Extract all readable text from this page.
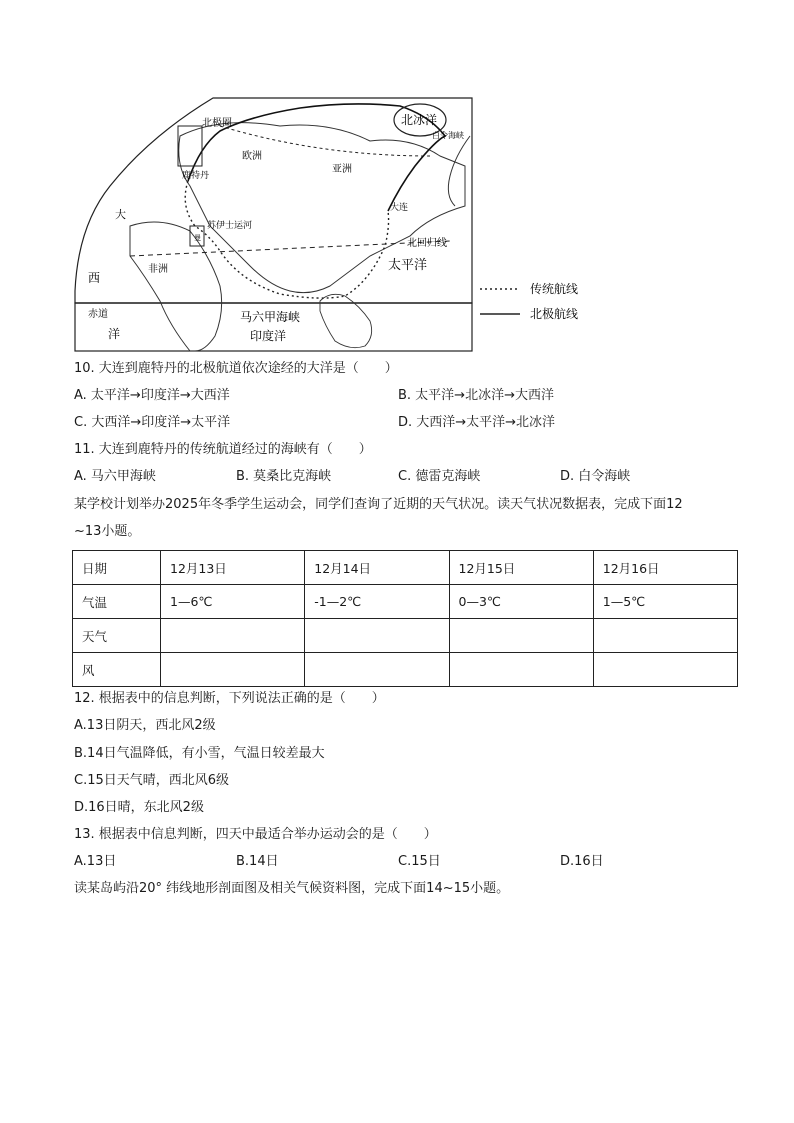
北极圈	北冰洋
白令海峡
欧洲
鹿特丹
亚洲
苏伊士运河
曼
大连
大
北回归线
西
非洲	太平洋
赤道
洋
马六甲海峡
印度洋
传统航线
北极航线
10. 大连到鹿特丹的北极航道依次途经的大洋是（　　）
A. 太平洋→印度洋→大西洋	B. 太平洋→北冰洋→大西洋
C. 大西洋→印度洋→太平洋	D. 大西洋→太平洋→北冰洋
11. 大连到鹿特丹的传统航道经过的海峡有（　　）
A. 马六甲海峡	B. 莫桑比克海峡	C. 德雷克海峡	D. 白令海峡
某学校计划举办2025年冬季学生运动会，同学们查询了近期的天气状况。读天气状况数据表，完成下面12
~13小题。
日期	12月13日	12月14日	12月15日	12月16日
气温	1—6℃	-1—2℃	0—3℃	1—5℃
天气				
风				
12. 根据表中的信息判断，下列说法正确的是（　　）
A.13日阴天，西北风2级
B.14日气温降低，有小雪，气温日较差最大
C.15日天气晴，西北风6级
D.16日晴，东北风2级
13. 根据表中信息判断，四天中最适合举办运动会的是（　　）
A.13日	B.14日	C.15日	D.16日
读某岛屿沿20° 纬线地形剖面图及相关气候资料图，完成下面14~15小题。
